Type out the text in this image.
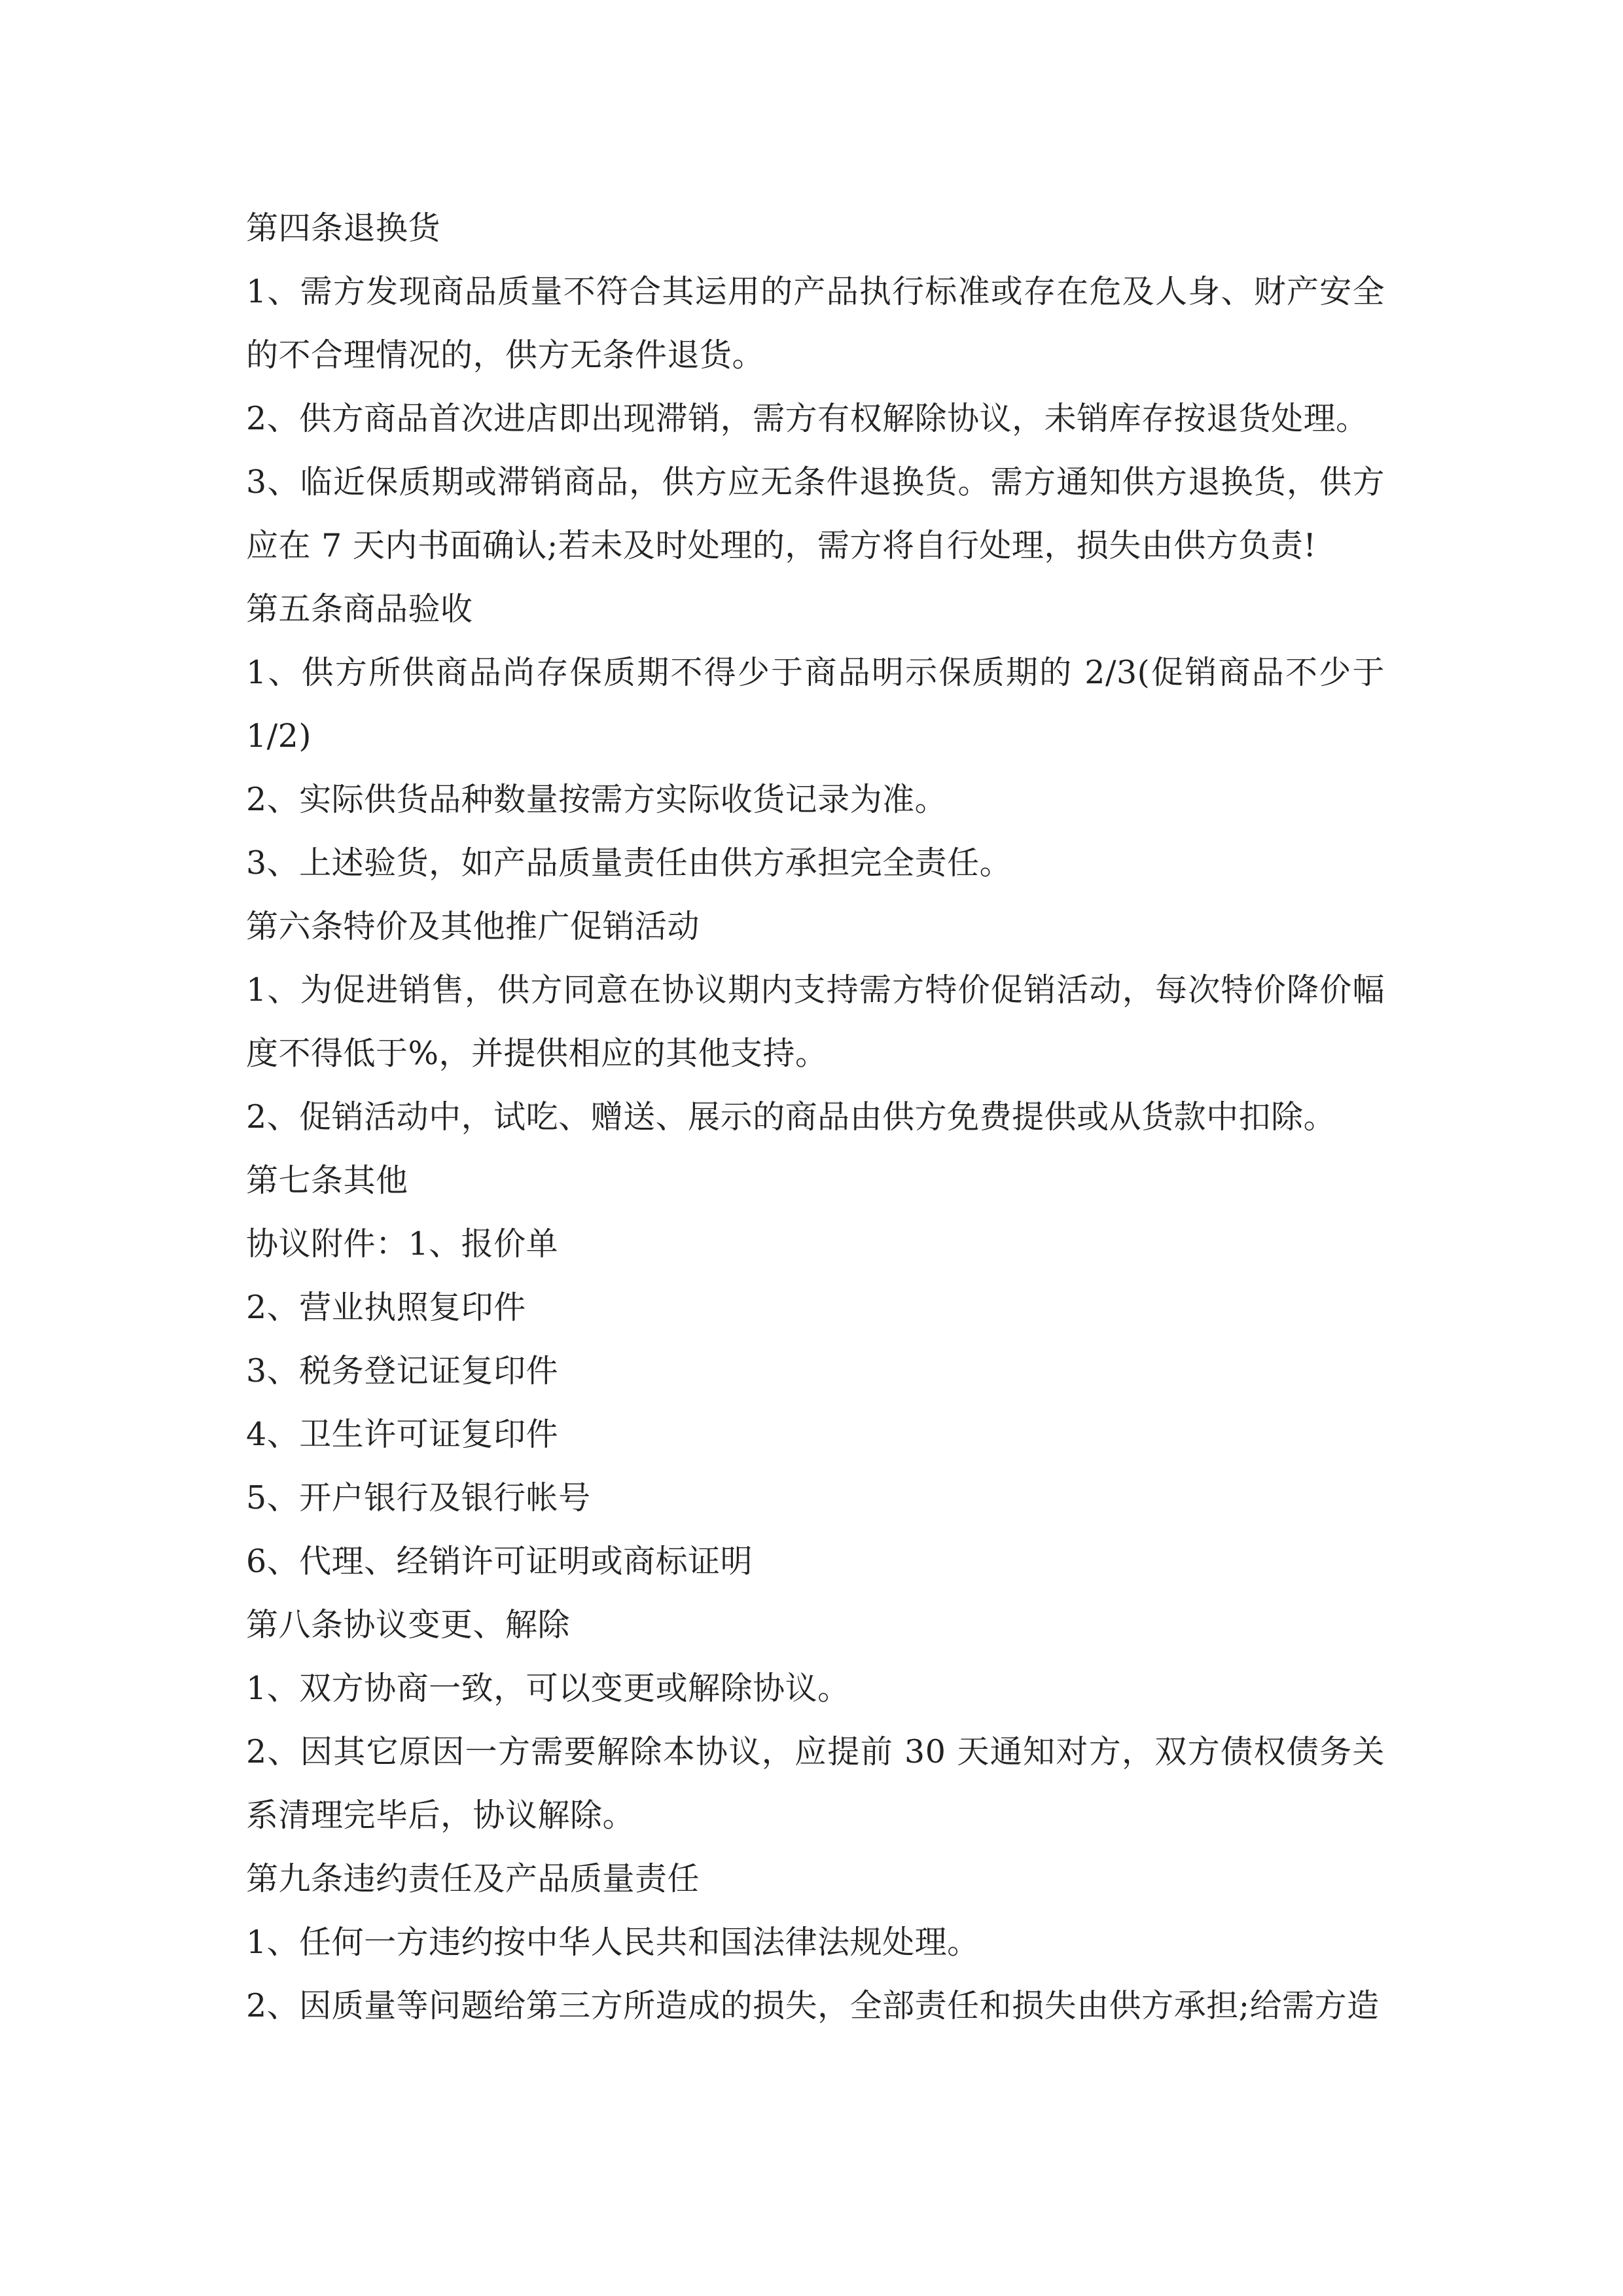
第四条退换货

1、需方发现商品质量不符合其运用的产品执行标准或存在危及人身、财产安全的不合理情况的，供方无条件退货。

2、供方商品首次进店即出现滞销，需方有权解除协议，未销库存按退货处理。

3、临近保质期或滞销商品，供方应无条件退换货。需方通知供方退换货，供方应在 7 天内书面确认;若未及时处理的，需方将自行处理，损失由供方负责!

第五条商品验收

1、供方所供商品尚存保质期不得少于商品明示保质期的 2/3(促销商品不少于 1/2)

2、实际供货品种数量按需方实际收货记录为准。

3、上述验货，如产品质量责任由供方承担完全责任。

第六条特价及其他推广促销活动

1、为促进销售，供方同意在协议期内支持需方特价促销活动，每次特价降价幅度不得低于%，并提供相应的其他支持。

2、促销活动中，试吃、赠送、展示的商品由供方免费提供或从货款中扣除。

第七条其他

协议附件：1、报价单

2、营业执照复印件

3、税务登记证复印件

4、卫生许可证复印件

5、开户银行及银行帐号

6、代理、经销许可证明或商标证明

第八条协议变更、解除

1、双方协商一致，可以变更或解除协议。

2、因其它原因一方需要解除本协议，应提前 30 天通知对方，双方债权债务关系清理完毕后，协议解除。

第九条违约责任及产品质量责任

1、任何一方违约按中华人民共和国法律法规处理。

2、因质量等问题给第三方所造成的损失，全部责任和损失由供方承担;给需方造
